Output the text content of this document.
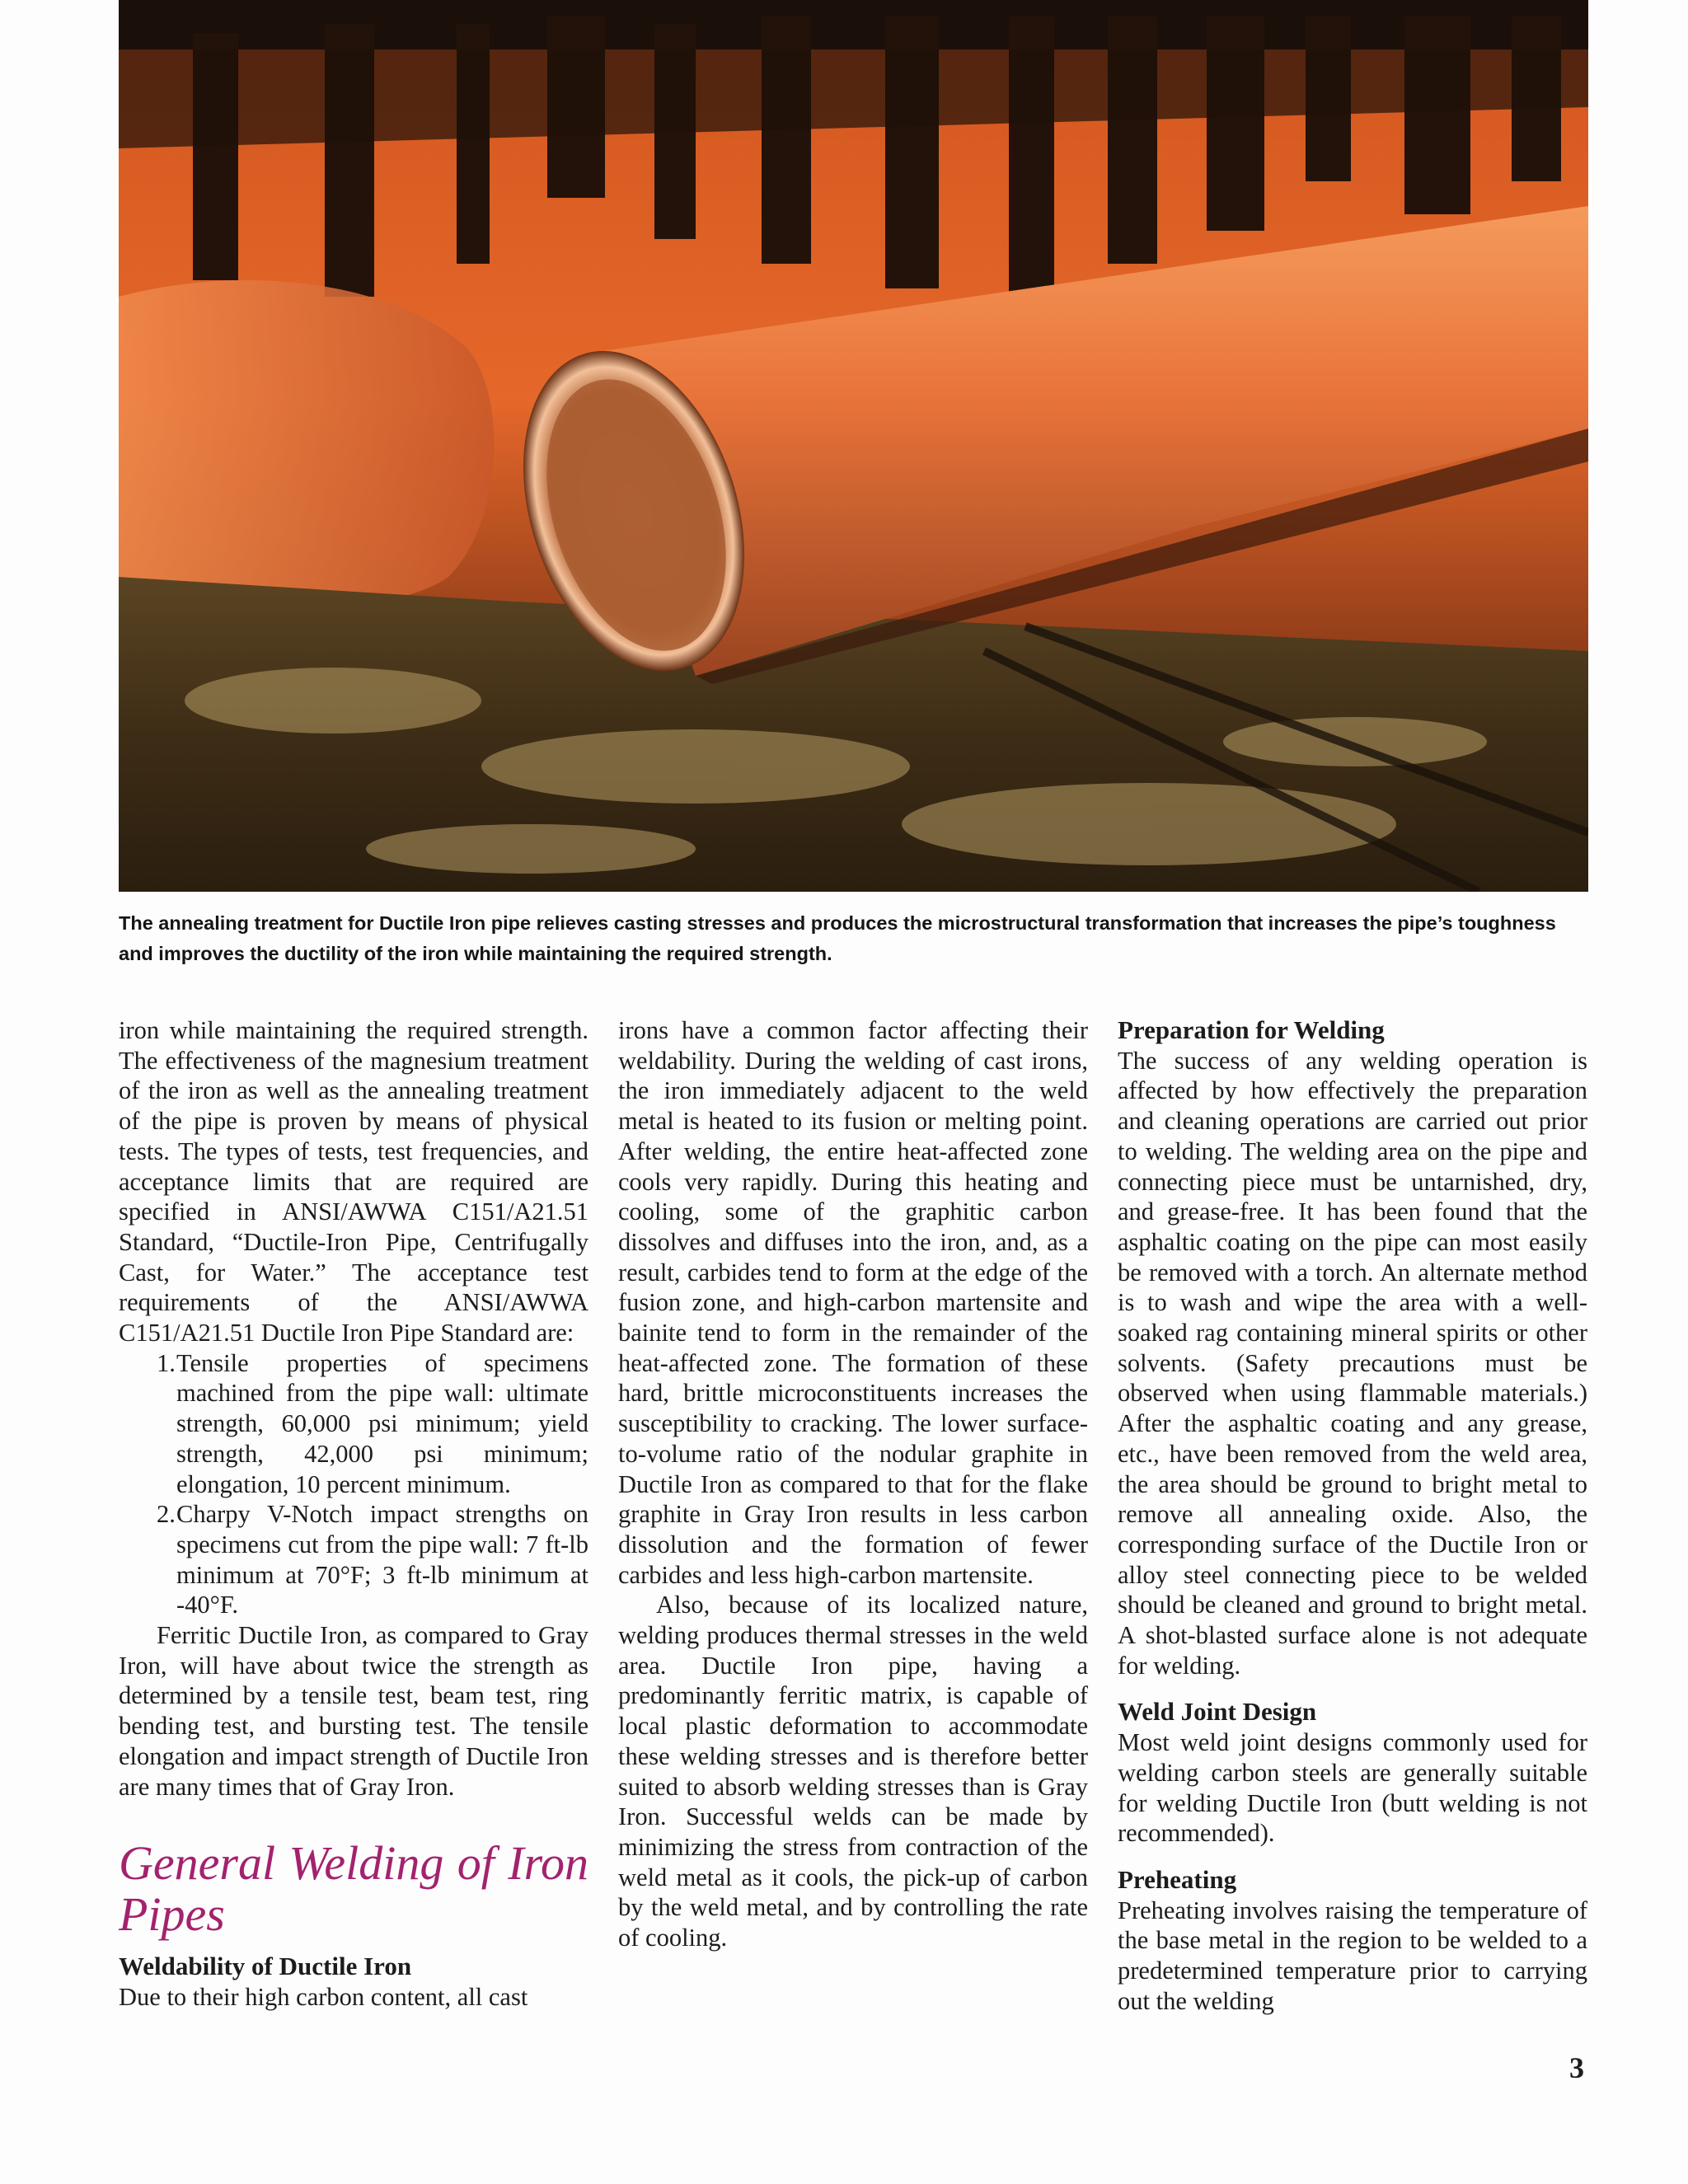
The annealing treatment for Ductile Iron pipe relieves casting stresses and produces the microstructural transformation that increases the pipe’s toughness and improves the ductility of the iron while maintaining the required strength.

iron while maintaining the required strength. The effectiveness of the magnesium treatment of the iron as well as the annealing treatment of the pipe is proven by means of physical tests. The types of tests, test frequencies, and acceptance limits that are required are specified in ANSI/AWWA C151/A21.51 Standard, “Ductile-Iron Pipe, Centrifugally Cast, for Water.” The acceptance test requirements of the ANSI/AWWA C151/A21.51 Ductile Iron Pipe Standard are:

1. Tensile properties of specimens machined from the pipe wall: ultimate strength, 60,000 psi minimum; yield strength, 42,000 psi minimum; elongation, 10 percent minimum.
2. Charpy V-Notch impact strengths on specimens cut from the pipe wall: 7 ft-lb minimum at 70°F; 3 ft-lb minimum at -40°F.

Ferritic Ductile Iron, as compared to Gray Iron, will have about twice the strength as determined by a tensile test, beam test, ring bending test, and bursting test. The tensile elongation and impact strength of Ductile Iron are many times that of Gray Iron.

General Welding of Iron Pipes
Weldability of Ductile Iron

Due to their high carbon content, all cast

irons have a common factor affecting their weldability. During the welding of cast irons, the iron immediately adjacent to the weld metal is heated to its fusion or melting point. After welding, the entire heat-affected zone cools very rapidly. During this heating and cooling, some of the graphitic carbon dissolves and diffuses into the iron, and, as a result, carbides tend to form at the edge of the fusion zone, and high-carbon martensite and bainite tend to form in the remainder of the heat-affected zone. The formation of these hard, brittle microconstituents increases the susceptibility to cracking. The lower surface-to-volume ratio of the nodular graphite in Ductile Iron as compared to that for the flake graphite in Gray Iron results in less carbon dissolution and the formation of fewer carbides and less high-carbon martensite.

Also, because of its localized nature, welding produces thermal stresses in the weld area. Ductile Iron pipe, having a predominantly ferritic matrix, is capable of local plastic deformation to accommodate these welding stresses and is therefore better suited to absorb welding stresses than is Gray Iron. Successful welds can be made by minimizing the stress from contraction of the weld metal as it cools, the pick-up of carbon by the weld metal, and by controlling the rate of cooling.

Preparation for Welding

The success of any welding operation is affected by how effectively the preparation and cleaning operations are carried out prior to welding. The welding area on the pipe and connecting piece must be untarnished, dry, and grease-free. It has been found that the asphaltic coating on the pipe can most easily be removed with a torch. An alternate method is to wash and wipe the area with a well-soaked rag containing mineral spirits or other solvents. (Safety precautions must be observed when using flammable materials.) After the asphaltic coating and any grease, etc., have been removed from the weld area, the area should be ground to bright metal to remove all annealing oxide. Also, the corresponding surface of the Ductile Iron or alloy steel connecting piece to be welded should be cleaned and ground to bright metal. A shot-blasted surface alone is not adequate for welding.

Weld Joint Design

Most weld joint designs commonly used for welding carbon steels are generally suitable for welding Ductile Iron (butt welding is not recommended).

Preheating

Preheating involves raising the temperature of the base metal in the region to be welded to a predetermined temperature prior to carrying out the welding

3
